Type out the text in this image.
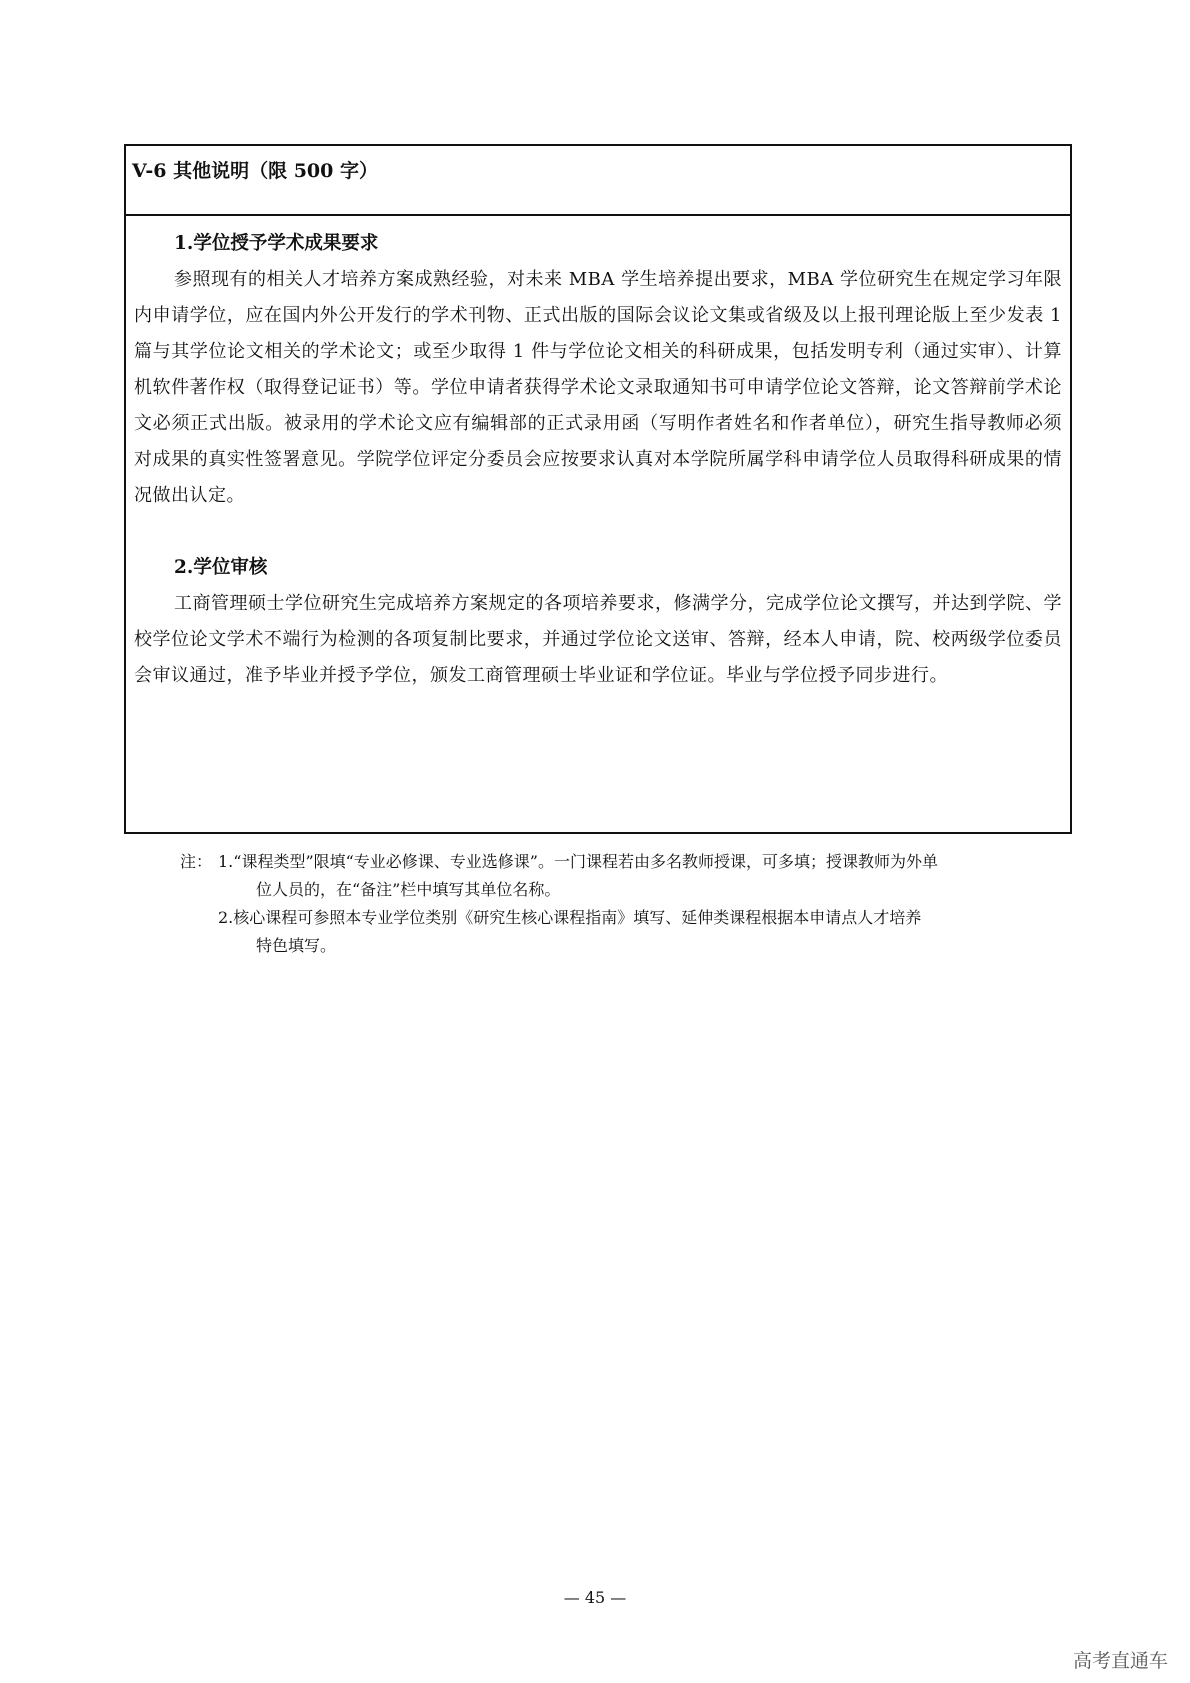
V-6 其他说明（限 500 字）

1.学位授予学术成果要求

参照现有的相关人才培养方案成熟经验，对未来 MBA 学生培养提出要求，MBA 学位研究生在规定学习年限内申请学位，应在国内外公开发行的学术刊物、正式出版的国际会议论文集或省级及以上报刊理论版上至少发表 1 篇与其学位论文相关的学术论文；或至少取得 1 件与学位论文相关的科研成果，包括发明专利（通过实审）、计算机软件著作权（取得登记证书）等。学位申请者获得学术论文录取通知书可申请学位论文答辩，论文答辩前学术论文必须正式出版。被录用的学术论文应有编辑部的正式录用函（写明作者姓名和作者单位），研究生指导教师必须对成果的真实性签署意见。学院学位评定分委员会应按要求认真对本学院所属学科申请学位人员取得科研成果的情况做出认定。

2.学位审核

工商管理硕士学位研究生完成培养方案规定的各项培养要求，修满学分，完成学位论文撰写，并达到学院、学校学位论文学术不端行为检测的各项复制比要求，并通过学位论文送审、答辩，经本人申请，院、校两级学位委员会审议通过，准予毕业并授予学位，颁发工商管理硕士毕业证和学位证。毕业与学位授予同步进行。

注： 1.“课程类型”限填“专业必修课、专业选修课”。一门课程若由多名教师授课，可多填；授课教师为外单
位人员的，在“备注”栏中填写其单位名称。
2.核心课程可参照本专业学位类别《研究生核心课程指南》填写、延伸类课程根据本申请点人才培养
特色填写。
— 45 —
高考直通车
